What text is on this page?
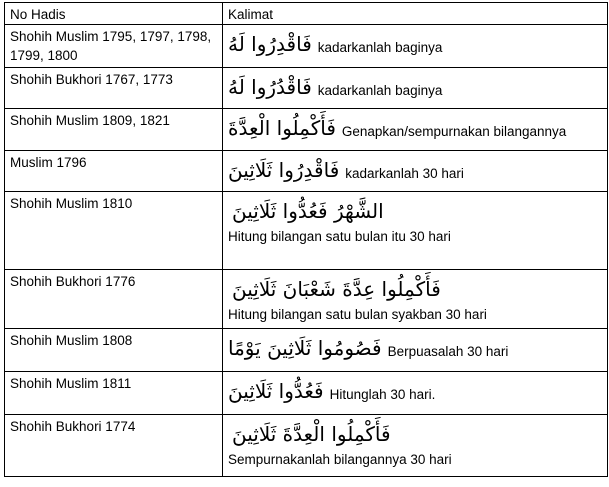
No Hadis	Kalimat
Shohih Muslim 1795, 1797, 1798, 1799, 1800	فَاقْدِرُوا لَهُ kadarkanlah baginya

Shohih Bukhori 1767, 1773	فَاقْدُرُوا لَهُ kadarkanlah baginya

Shohih Muslim 1809, 1821	فَأَكْمِلُوا الْعِدَّةَ Genapkan/sempurnakan bilangannya

Muslim 1796	فَاقْدِرُوا ثَلَاثِينَ kadarkanlah 30 hari

Shohih Muslim 1810	الشَّهْرُ فَعُدُّوا ثَلَاثِينَ
Hitung bilangan satu bulan itu 30 hari

Shohih Bukhori 1776	فَأَكْمِلُوا عِدَّةَ شَعْبَانَ ثَلَاثِينَ
Hitung bilangan satu bulan syakban 30 hari

Shohih Muslim 1808	فَصُومُوا ثَلَاثِينَ يَوْمًا Berpuasalah 30 hari

Shohih Muslim 1811	فَعُدُّوا ثَلَاثِينَ Hitunglah 30 hari.

Shohih Bukhori 1774	فَأَكْمِلُوا الْعِدَّةَ ثَلَاثِينَ
Sempurnakanlah bilangannya 30 hari
